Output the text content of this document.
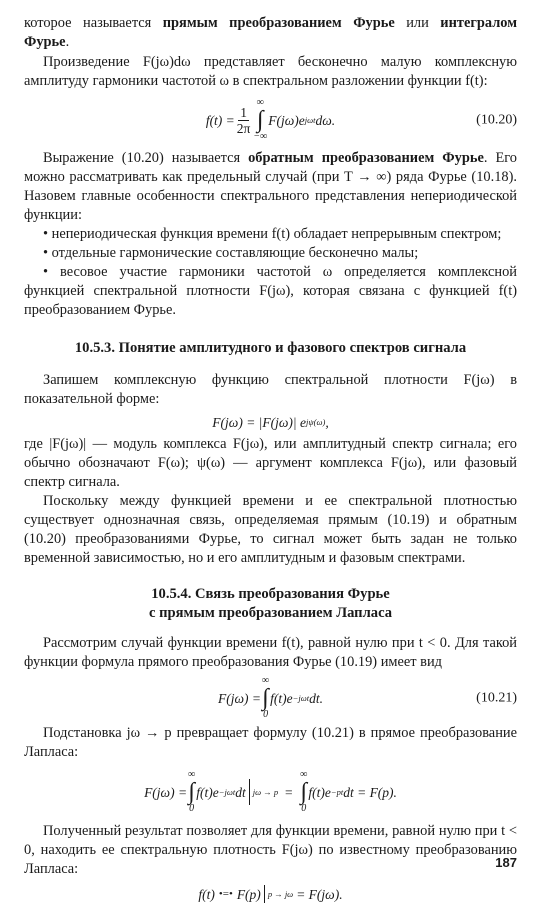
которое называется прямым преобразованием Фурье или интегралом Фурье.

Произведение F(jω)dω представляет бесконечно малую комплексную амплитуду гармоники частотой ω в спектральном разложении функции f(t):

$f(t) = \frac{1}{2\pi}$
∞
∫
−∞
F(jω)e jωt dω.	(10.20)

Выражение (10.20) называется обратным преобразованием Фурье. Его можно рассматривать как предельный случай (при T → ∞) ряда Фурье (10.18). Назовем главные особенности спектрального представления непериодической функции:

• непериодическая функция времени f(t) обладает непрерывным спектром;

• отдельные гармонические составляющие бесконечно малы;

• весовое участие гармоники частотой ω определяется комплексной функцией спектральной плотности F(jω), которая связана с функцией f(t) преобразованием Фурье.

10.5.3. Понятие амплитудного и фазового спектров сигнала

Запишем комплексную функцию спектральной плотности F(jω) в показательной форме:

F(jω) = |F(jω)| e jψ(ω) ,

где |F(jω)| — модуль комплекса F(jω), или амплитудный спектр сигнала; его обычно обозначают F(ω); ψ(ω) — аргумент комплекса F(jω), или фазовый спектр сигнала.

Поскольку между функцией времени и ее спектральной плотностью существует однозначная связь, определяемая прямым (10.19) и обратным (10.20) преобразованиями Фурье, то сигнал может быть задан не только временной зависимостью, но и его амплитудным и фазовым спектрами.

10.5.4. Связь преобразования Фурье
с прямым преобразованием Лапласа

Рассмотрим случай функции времени f(t), равной нулю при t < 0. Для такой функции формула прямого преобразования Фурье (10.19) имеет вид

F(jω) =
∞
∫
0
f(t)e −jωt dt.	(10.21)

Подстановка jω → p превращает формулу (10.21) в прямое преобразование Лапласа:

F(jω) =
∞
∫
0
f(t)e −jωt dt jω → p =
∞
∫
0
f(t)e −pt dt = F(p).

Полученный результат позволяет для функции времени, равной нулю при t < 0, находить ее спектральную плотность F(jω) по известному преобразованию Лапласа:

f(t) •=• F(p) p → jω = F(jω).
187
